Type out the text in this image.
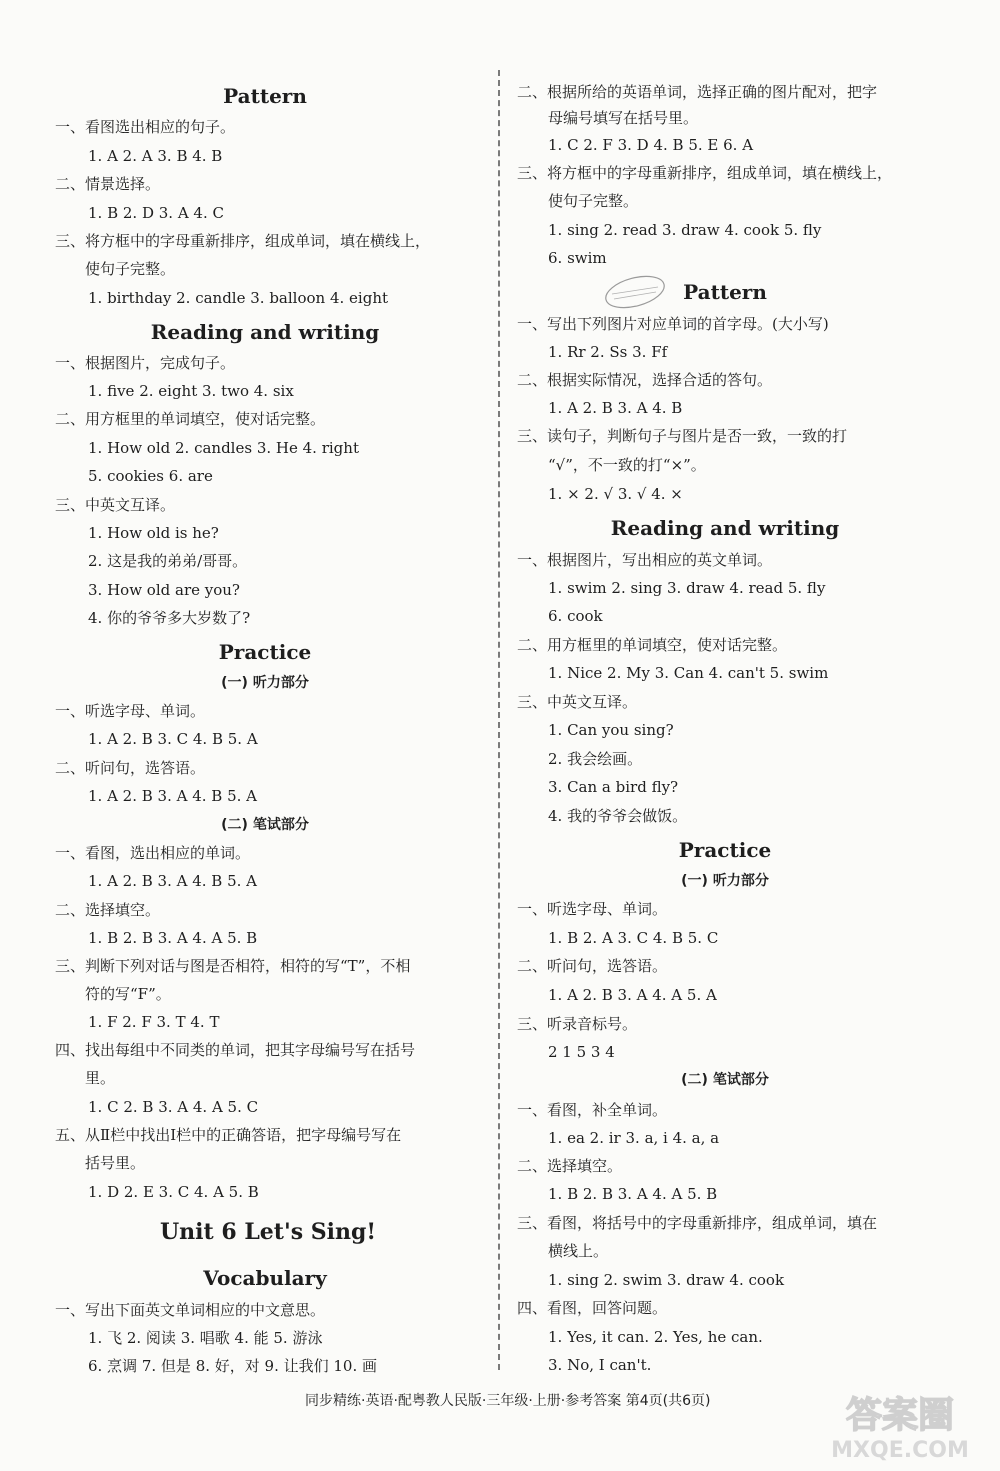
Pattern
一、看图选出相应的句子。
1. A 2. A 3. B 4. B
二、情景选择。
1. B 2. D 3. A 4. C
三、将方框中的字母重新排序，组成单词，填在横线上，
使句子完整。
1. birthday 2. candle 3. balloon 4. eight
Reading and writing
一、根据图片，完成句子。
1. five 2. eight 3. two 4. six
二、用方框里的单词填空，使对话完整。
1. How old 2. candles 3. He 4. right
5. cookies 6. are
三、中英文互译。
1. How old is he?
2. 这是我的弟弟/哥哥。
3. How old are you?
4. 你的爷爷多大岁数了?
Practice
(一) 听力部分
一、听选字母、单词。
1. A 2. B 3. C 4. B 5. A
二、听问句，选答语。
1. A 2. B 3. A 4. B 5. A
(二) 笔试部分
一、看图，选出相应的单词。
1. A 2. B 3. A 4. B 5. A
二、选择填空。
1. B 2. B 3. A 4. A 5. B
三、判断下列对话与图是否相符，相符的写“T”，不相
符的写“F”。
1. F 2. F 3. T 4. T
四、找出每组中不同类的单词，把其字母编号写在括号
里。
1. C 2. B 3. A 4. A 5. C
五、从Ⅱ栏中找出Ⅰ栏中的正确答语，把字母编号写在
括号里。
1. D 2. E 3. C 4. A 5. B
Unit 6 Let's Sing!
Vocabulary
一、写出下面英文单词相应的中文意思。
1. 飞 2. 阅读 3. 唱歌 4. 能 5. 游泳
6. 烹调 7. 但是 8. 好，对 9. 让我们 10. 画
二、根据所给的英语单词，选择正确的图片配对，把字
母编号填写在括号里。
1. C 2. F 3. D 4. B 5. E 6. A
三、将方框中的字母重新排序，组成单词，填在横线上，
使句子完整。
1. sing 2. read 3. draw 4. cook 5. fly
6. swim
Pattern
一、写出下列图片对应单词的首字母。(大小写)
1. Rr 2. Ss 3. Ff
二、根据实际情况，选择合适的答句。
1. A 2. B 3. A 4. B
三、读句子，判断句子与图片是否一致，一致的打
“√”，不一致的打“×”。
1. × 2. √ 3. √ 4. ×
Reading and writing
一、根据图片，写出相应的英文单词。
1. swim 2. sing 3. draw 4. read 5. fly
6. cook
二、用方框里的单词填空，使对话完整。
1. Nice 2. My 3. Can 4. can't 5. swim
三、中英文互译。
1. Can you sing?
2. 我会绘画。
3. Can a bird fly?
4. 我的爷爷会做饭。
Practice
(一) 听力部分
一、听选字母、单词。
1. B 2. A 3. C 4. B 5. C
二、听问句，选答语。
1. A 2. B 3. A 4. A 5. A
三、听录音标号。
2 1 5 3 4
(二) 笔试部分
一、看图，补全单词。
1. ea 2. ir 3. a, i 4. a, a
二、选择填空。
1. B 2. B 3. A 4. A 5. B
三、看图，将括号中的字母重新排序，组成单词，填在
横线上。
1. sing 2. swim 3. draw 4. cook
四、看图，回答问题。
1. Yes, it can. 2. Yes, he can.
3. No, I can't.
同步精练·英语·配粤教人民版·三年级·上册·参考答案 第4页(共6页)	答案圈
MXQE.COM
